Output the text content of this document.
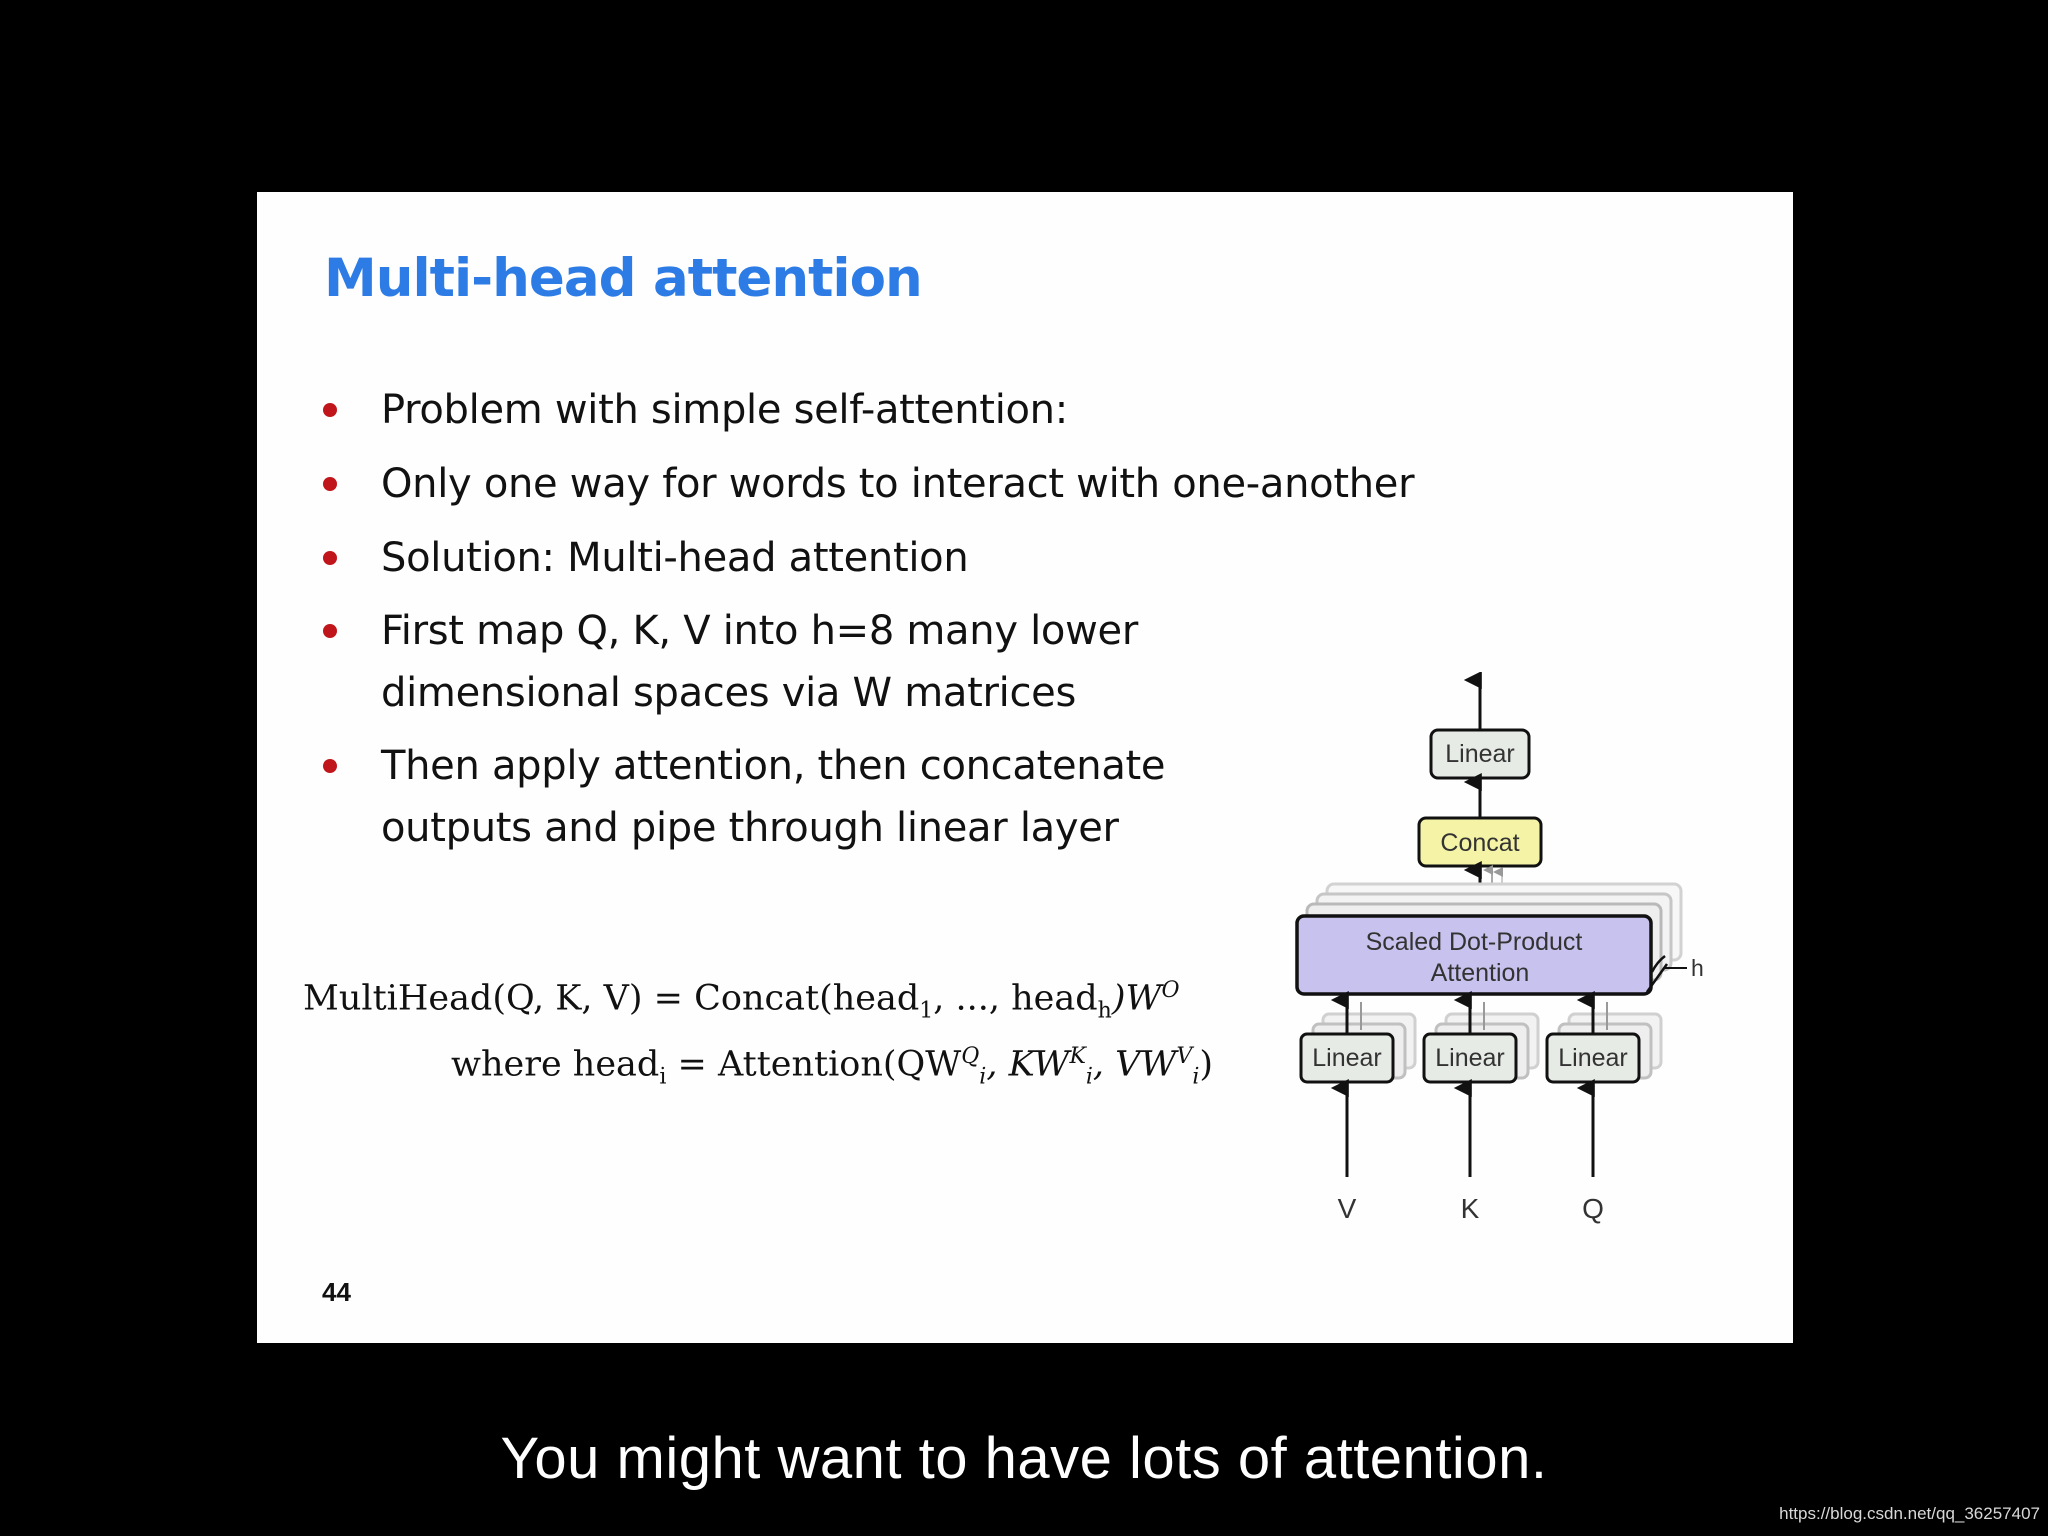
Multi-head attention
Problem with simple self-attention:
Only one way for words to interact with one-another
Solution: Multi-head attention
First map Q, K, V into h=8 many lower
dimensional spaces via W matrices
Then apply attention, then concatenate
outputs and pipe through linear layer
MultiHead(Q, K, V) = Concat(head$_1$, ..., $head_h)W^O$
where head$_i$ = $Attention(QW^Q_i$, $KW^K_i$, $VW^V_i$)
Linear
Concat
Scaled Dot-Product
Attention	h
Linear Linear Linear
V	K	Q
44
You might want to have lots of attention.
https://blog.csdn.net/qq_36257407
